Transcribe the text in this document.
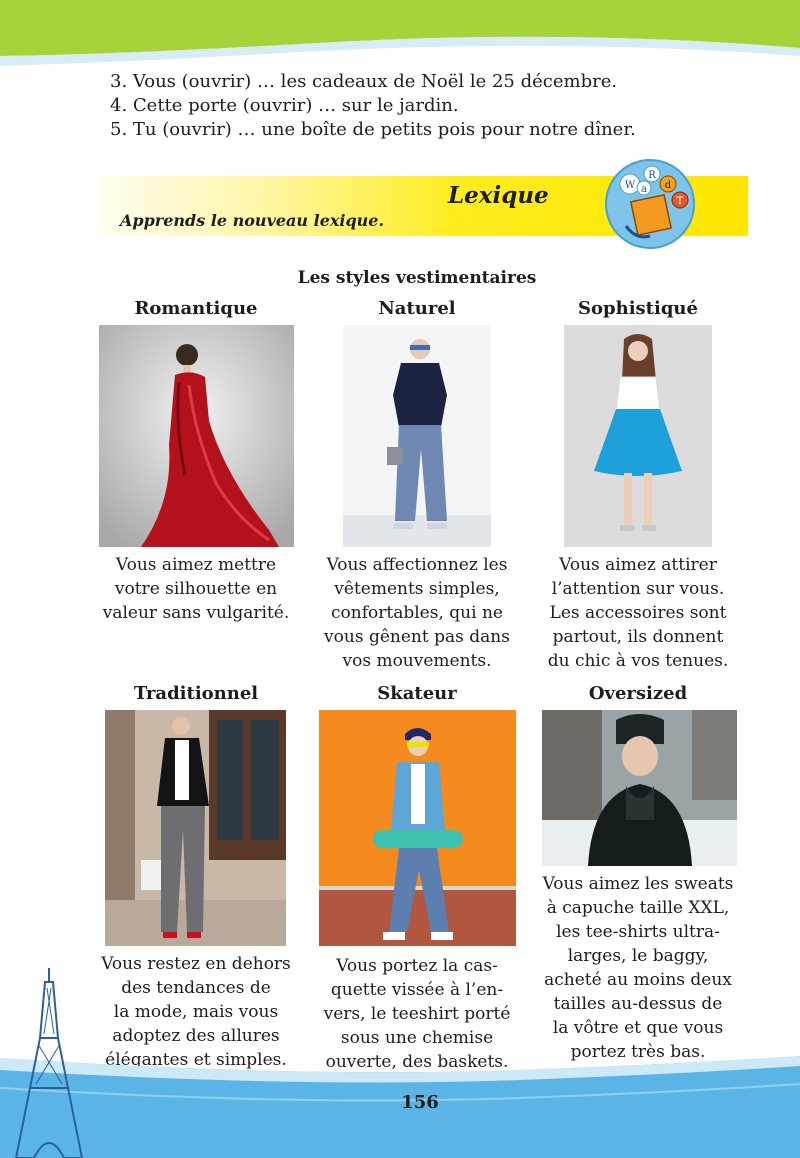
3. Vous (ouvrir) … les cadeaux de Noël le 25 décembre.
4. Cette porte (ouvrir) … sur le jardin.
5. Tu (ouvrir) … une boîte de petits pois pour notre dîner.
Lexique
Apprends le nouveau lexique.
R
a d
W
T
Les styles vestimentaires
Romantique	Naturel	Sophistiqué
Vous aimez mettre
votre silhouette en
valeur sans vulgarité.
Vous affectionnez les
vêtements simples,
confortables, qui ne
vous gênent pas dans
vos mouvements.
Vous aimez attirer
l’attention sur vous.
Les accessoires sont
partout, ils donnent
du chic à vos tenues.
Traditionnel	Skateur	Oversized
Vous restez en dehors
des tendances de
la mode, mais vous
adoptez des allures
élégantes et simples.
Vous portez la cas-
quette vissée à l’en-
vers, le teeshirt porté
sous une chemise
ouverte, des baskets.
Vous aimez les sweats
à capuche taille XXL,
les tee-shirts ultra-
larges, le baggy,
acheté au moins deux
tailles au-dessus de
la vôtre et que vous
portez très bas.
156
